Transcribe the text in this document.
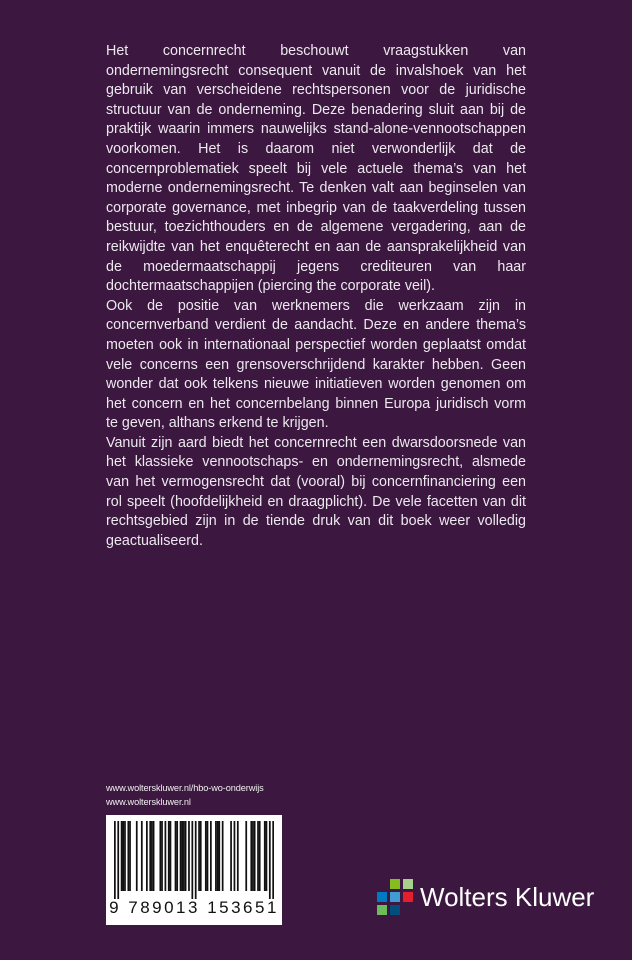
Het concernrecht beschouwt vraagstukken van ondernemingsrecht consequent vanuit de invalshoek van het gebruik van verscheidene rechtspersonen voor de juridische structuur van de onderneming. Deze benadering sluit aan bij de praktijk waarin immers nauwelijks stand-alone-vennootschappen voorkomen. Het is daarom niet verwonderlijk dat de concernproblematiek speelt bij vele actuele thema’s van het moderne ondernemingsrecht. Te denken valt aan beginselen van corporate governance, met inbegrip van de taakverdeling tussen bestuur, toezichthouders en de algemene vergadering, aan de reikwijdte van het enquêterecht en aan de aansprakelijkheid van de moedermaatschappij jegens crediteuren van haar dochtermaatschappijen (piercing the corporate veil).

Ook de positie van werknemers die werkzaam zijn in concernverband verdient de aandacht. Deze en andere thema’s moeten ook in internationaal perspectief worden geplaatst omdat vele concerns een grensoverschrijdend karakter hebben. Geen wonder dat ook telkens nieuwe initiatieven worden genomen om het concern en het concernbelang binnen Europa juridisch vorm te geven, althans erkend te krijgen.

Vanuit zijn aard biedt het concernrecht een dwarsdoorsnede van het klassieke vennootschaps- en ondernemingsrecht, alsmede van het vermogensrecht dat (vooral) bij concernfinanciering een rol speelt (hoofdelijkheid en draagplicht). De vele facetten van dit rechtsgebied zijn in de tiende druk van dit boek weer volledig geactualiseerd.

www.wolterskluwer.nl/hbo-wo-onderwijs
www.wolterskluwer.nl
9 789013 153651	Wolters Kluwer
